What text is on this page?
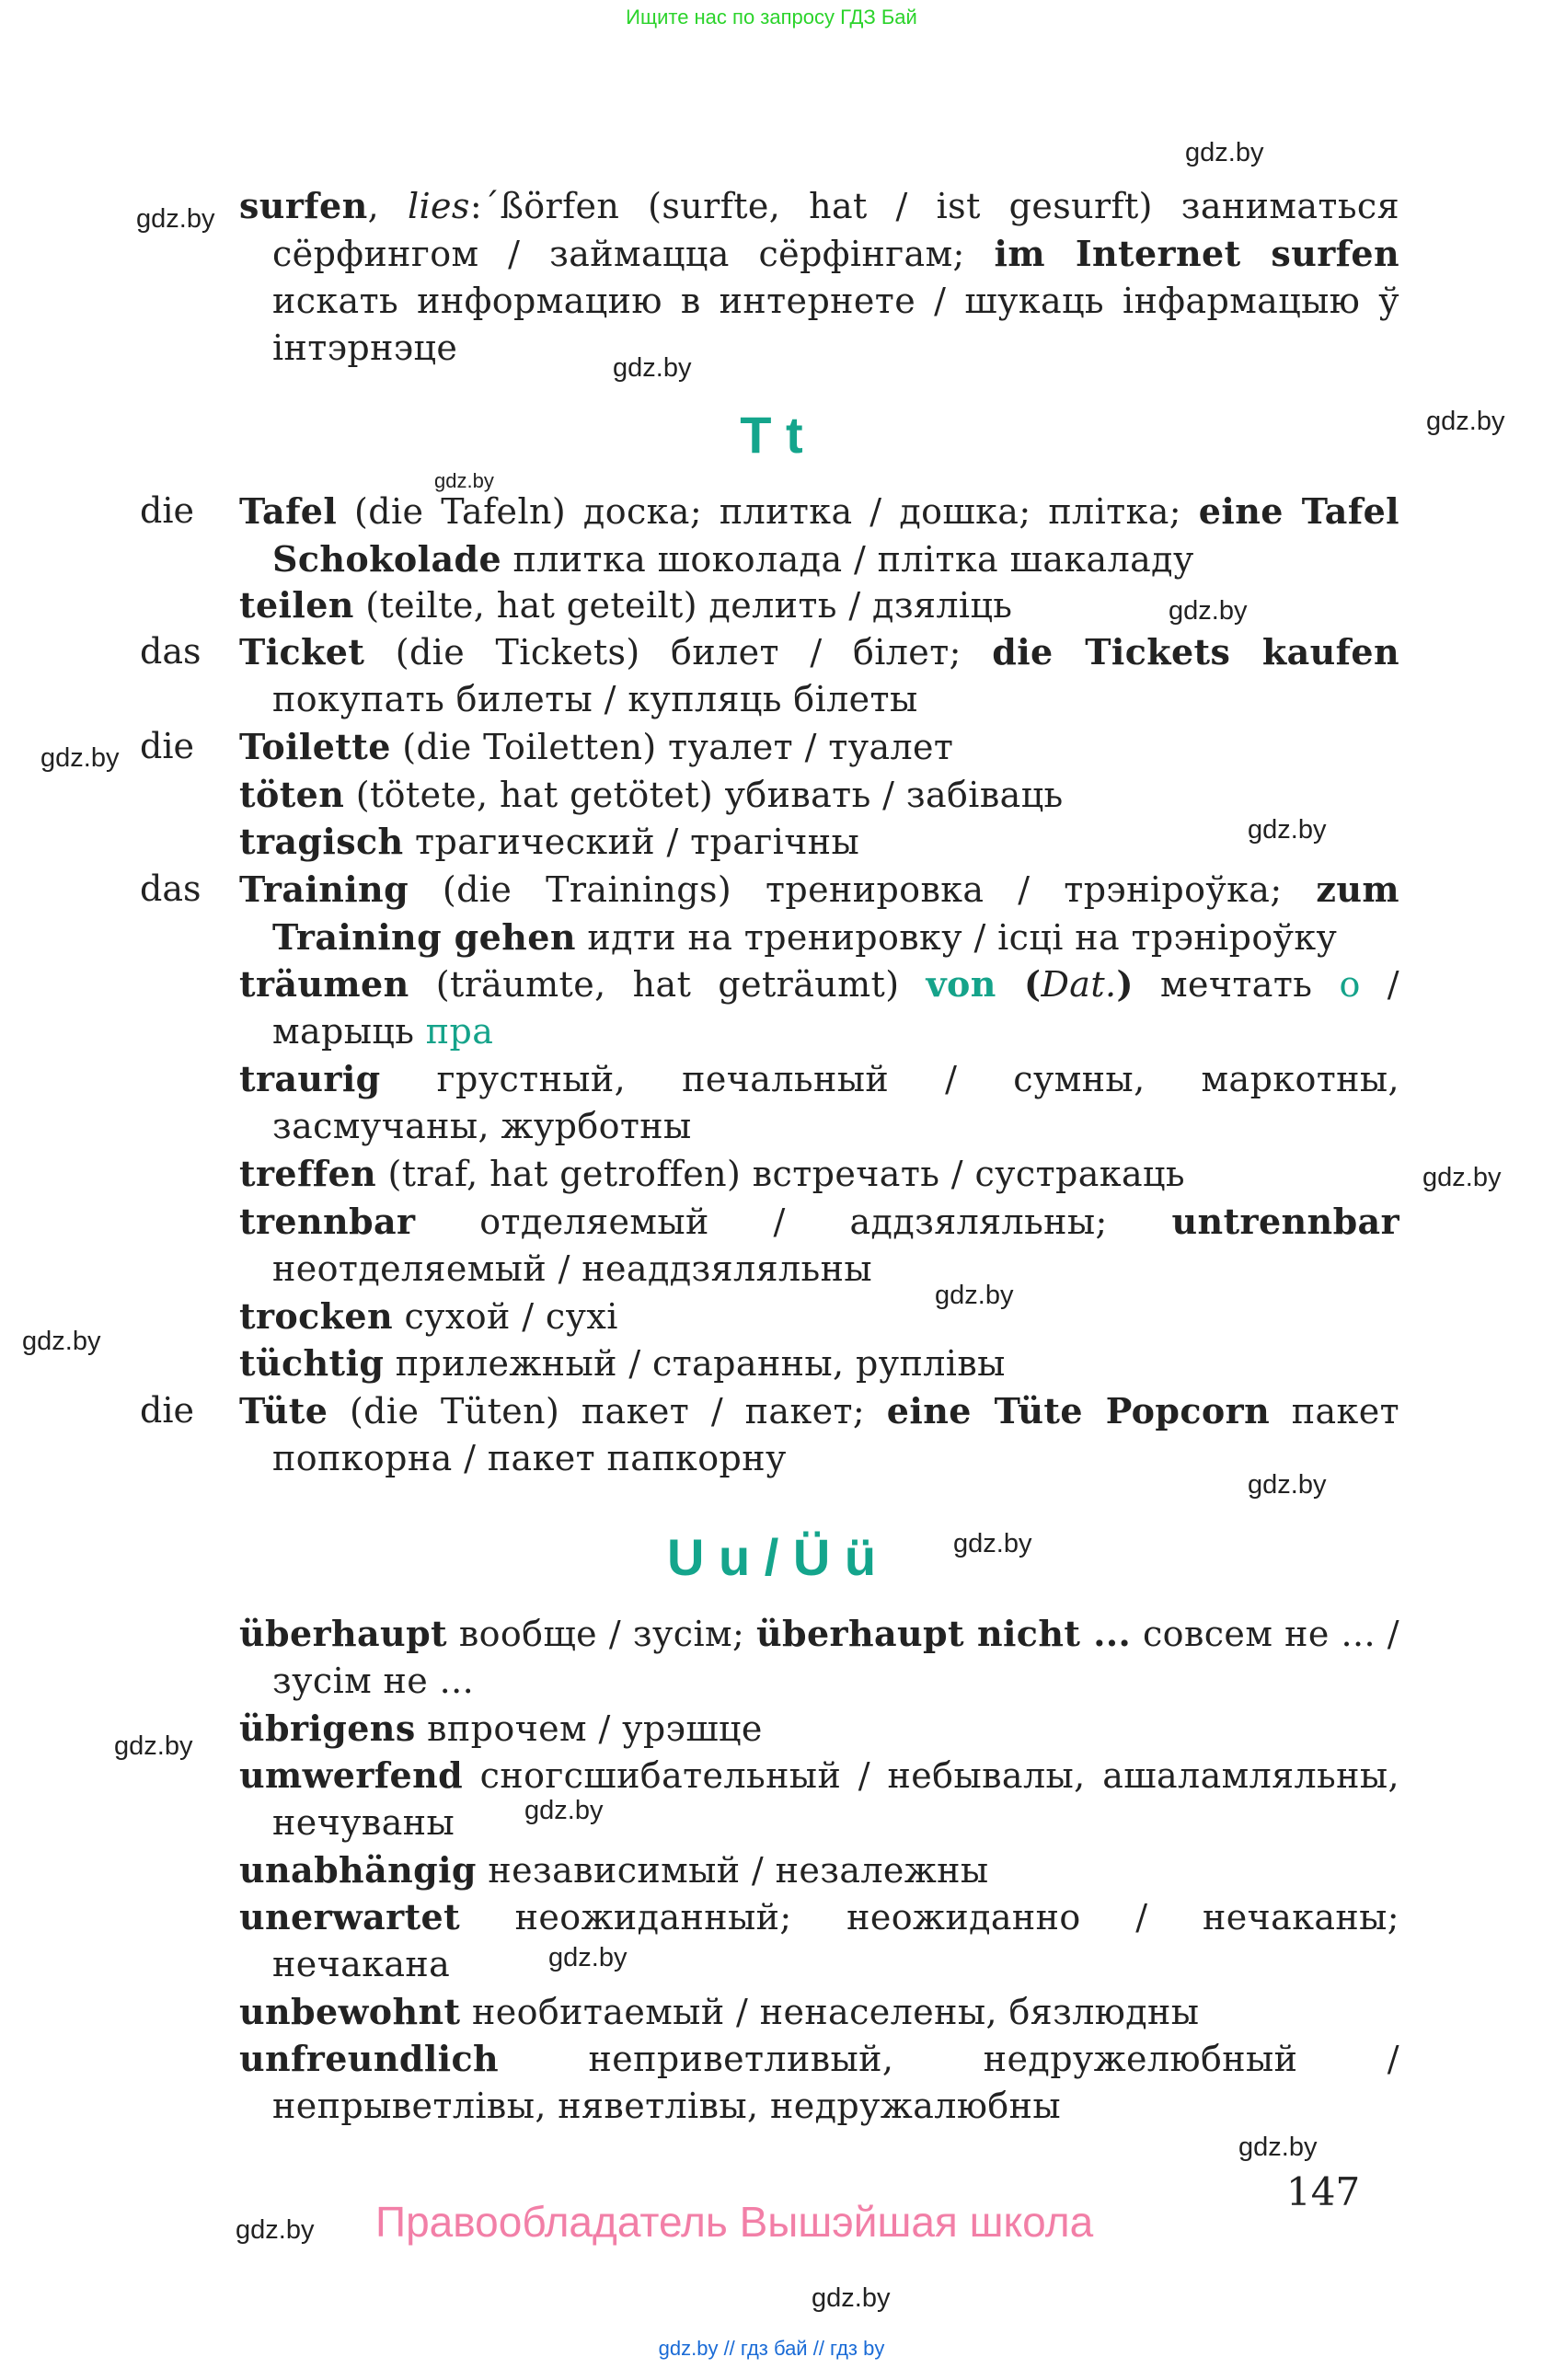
Ищите нас по запросу ГДЗ Бай
gdz.by
gdz.by
gdz.by
gdz.by
gdz.by
gdz.by
gdz.by
gdz.by
gdz.by
gdz.by
gdz.by
gdz.by
gdz.by
gdz.by
gdz.by
gdz.by
gdz.by
gdz.by
gdz.by
surfen, lies:´ßörfen (surfte, hat / ist gesurft) заниматься сёрфингом / займацца сёрфінгам; im Internet surfen искать информацию в интернете / шукаць інфармацыю ў інтэрнэце
T t
die Tafel (die Tafeln) доска; плитка / дошка; плітка; eine Tafel Schokolade плитка шоколада / плітка шакаладу
teilen (teilte, hat geteilt) делить / дзяліць
das Ticket (die Tickets) билет / білет; die Tickets kaufen покупать билеты / купляць білеты
die Toilette (die Toiletten) туалет / туалет
töten (tötete, hat getötet) убивать / забіваць
tragisch трагический / трагічны
das Training (die Trainings) тренировка / трэніроўка; zum Training gehen идти на тренировку / ісці на трэніроўку
träumen (träumte, hat geträumt) von (Dat.) мечтать о / марыць пра
traurig грустный, печальный / сумны, маркотны, засмучаны, журботны
treffen (traf, hat getroffen) встречать / сустракаць
trennbar отделяемый / аддзяляльны; untrennbar неотделяемый / неаддзяляльны
trocken сухой / сухі
tüchtig прилежный / старанны, руплівы
die Tüte (die Tüten) пакет / пакет; eine Tüte Popcorn пакет попкорна / пакет папкорну
U u / Ü ü
überhaupt вообще / зусім; überhaupt nicht ... совсем не ... / зусім не ...
übrigens впрочем / урэшце
umwerfend сногсшибательный / небывалы, ашаламляльны, нечуваны
unabhängig независимый / незалежны
unerwartet неожиданный; неожиданно / нечаканы; нечакана
unbewohnt необитаемый / ненаселены, бязлюдны
unfreundlich неприветливый, недружелюбный / непрыветлівы, нявeтлівы, недружалюбны
147
Правообладатель Вышэйшая школа
gdz.by // гдз бай // гдз by
